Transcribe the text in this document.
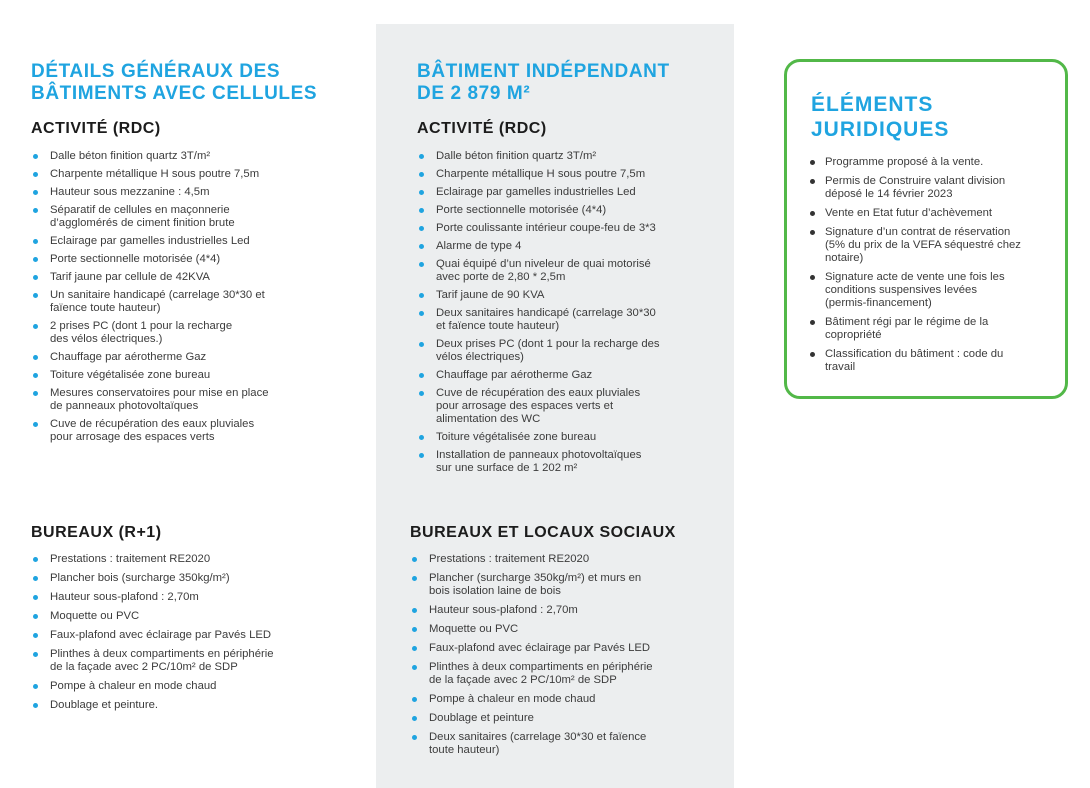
DÉTAILS GÉNÉRAUX DES
BÂTIMENTS AVEC CELLULES
ACTIVITÉ (RDC)
Dalle béton finition quartz 3T/m²
Charpente métallique H sous poutre 7,5m
Hauteur sous mezzanine : 4,5m
Séparatif de cellules en maçonnerie
d’agglomérés de ciment finition brute
Eclairage par gamelles industrielles Led
Porte sectionnelle motorisée (4*4)
Tarif jaune par cellule de 42KVA
Un sanitaire handicapé (carrelage 30*30 et
faïence toute hauteur)
2 prises PC (dont 1 pour la recharge
des vélos électriques.)
Chauffage par aérotherme Gaz
Toiture végétalisée zone bureau
Mesures conservatoires pour mise en place
de panneaux photovoltaïques
Cuve de récupération des eaux pluviales
pour arrosage des espaces verts
BUREAUX (R+1)
Prestations : traitement RE2020
Plancher bois (surcharge 350kg/m²)
Hauteur sous-plafond : 2,70m
Moquette ou PVC
Faux-plafond avec éclairage par Pavés LED
Plinthes à deux compartiments en périphérie
de la façade avec 2 PC/10m² de SDP
Pompe à chaleur en mode chaud
Doublage et peinture.
BÂTIMENT INDÉPENDANT
DE 2 879 M²
ACTIVITÉ (RDC)
Dalle béton finition quartz 3T/m²
Charpente métallique H sous poutre 7,5m
Eclairage par gamelles industrielles Led
Porte sectionnelle motorisée (4*4)
Porte coulissante intérieur coupe-feu de 3*3
Alarme de type 4
Quai équipé d’un niveleur de quai motorisé
avec porte de 2,80 * 2,5m
Tarif jaune de 90 KVA
Deux sanitaires handicapé (carrelage 30*30
et faïence toute hauteur)
Deux prises PC (dont 1 pour la recharge des
vélos électriques)
Chauffage par aérotherme Gaz
Cuve de récupération des eaux pluviales
pour arrosage des espaces verts et
alimentation des WC
Toiture végétalisée zone bureau
Installation de panneaux photovoltaïques
sur une surface de 1 202 m²
BUREAUX ET LOCAUX SOCIAUX
Prestations : traitement RE2020
Plancher (surcharge 350kg/m²) et murs en
bois isolation laine de bois
Hauteur sous-plafond : 2,70m
Moquette ou PVC
Faux-plafond avec éclairage par Pavés LED
Plinthes à deux compartiments en périphérie
de la façade avec 2 PC/10m² de SDP
Pompe à chaleur en mode chaud
Doublage et peinture
Deux sanitaires (carrelage 30*30 et faïence
toute hauteur)
ÉLÉMENTS
JURIDIQUES
Programme proposé à la vente.
Permis de Construire valant division
déposé le 14 février 2023
Vente en Etat futur d’achèvement
Signature d’un contrat de réservation
(5% du prix de la VEFA séquestré chez
notaire)
Signature acte de vente une fois les
conditions suspensives levées
(permis-financement)
Bâtiment régi par le régime de la
copropriété
Classification du bâtiment : code du
travail
